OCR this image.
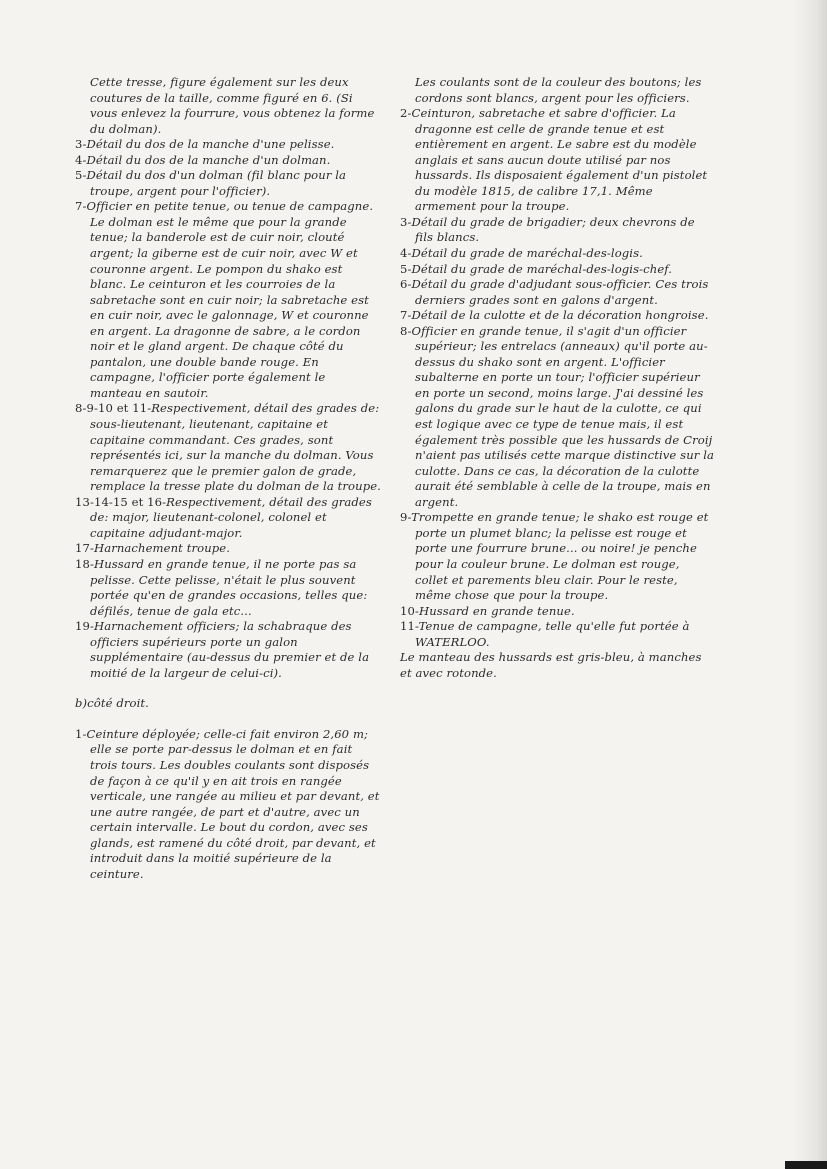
Cette tresse, figure également sur les deux coutures de la taille, comme figuré en 6. (Si vous enlevez la fourrure, vous obtenez la forme du dolman).

3-Détail du dos de la manche d'une pelisse.

4-Détail du dos de la manche d'un dolman.

5-Détail du dos d'un dolman (fil blanc pour la troupe, argent pour l'officier).

7-Officier en petite tenue, ou tenue de campagne. Le dolman est le même que pour la grande tenue; la banderole est de cuir noir, clouté argent; la giberne est de cuir noir, avec W et couronne argent. Le pompon du shako est blanc. Le ceinturon et les courroies de la sabretache sont en cuir noir; la sabretache est en cuir noir, avec le galonnage, W et couronne en argent. La dragonne de sabre, a le cordon noir et le gland argent. De chaque côté du pantalon, une double bande rouge. En campagne, l'officier porte également le manteau en sautoir.

8-9-10 et 11-Respectivement, détail des grades de: sous-lieutenant, lieutenant, capitaine et capitaine commandant. Ces grades, sont représentés ici, sur la manche du dolman. Vous remarquerez que le premier galon de grade, remplace la tresse plate du dolman de la troupe.

13-14-15 et 16-Respectivement, détail des grades de: major, lieutenant-colonel, colonel et capitaine adjudant-major.

17-Harnachement troupe.

18-Hussard en grande tenue, il ne porte pas sa pelisse. Cette pelisse, n'était le plus souvent portée qu'en de grandes occasions, telles que: défilés, tenue de gala etc...

19-Harnachement officiers; la schabraque des officiers supérieurs porte un galon supplémentaire (au-dessus du premier et de la moitié de la largeur de celui-ci).

b)côté droit.

1-Ceinture déployée; celle-ci fait environ 2,60 m; elle se porte par-dessus le dolman et en fait trois tours. Les doubles coulants sont disposés de façon à ce qu'il y en ait trois en rangée verticale, une rangée au milieu et par devant, et une autre rangée, de part et d'autre, avec un certain intervalle. Le bout du cordon, avec ses glands, est ramené du côté droit, par devant, et introduit dans la moitié supérieure de la ceinture.

Les coulants sont de la couleur des boutons; les cordons sont blancs, argent pour les officiers.

2-Ceinturon, sabretache et sabre d'officier. La dragonne est celle de grande tenue et est entièrement en argent. Le sabre est du modèle anglais et sans aucun doute utilisé par nos hussards. Ils disposaient également d'un pistolet du modèle 1815, de calibre 17,1. Même armement pour la troupe.

3-Détail du grade de brigadier; deux chevrons de fils blancs.

4-Détail du grade de maréchal-des-logis.

5-Détail du grade de maréchal-des-logis-chef.

6-Détail du grade d'adjudant sous-officier. Ces trois derniers grades sont en galons d'argent.

7-Détail de la culotte et de la décoration hongroise.

8-Officier en grande tenue, il s'agit d'un officier supérieur; les entrelacs (anneaux) qu'il porte au-dessus du shako sont en argent. L'officier subalterne en porte un tour; l'officier supérieur en porte un second, moins large. J'ai dessiné les galons du grade sur le haut de la culotte, ce qui est logique avec ce type de tenue mais, il est également très possible que les hussards de Croij n'aient pas utilisés cette marque distinctive sur la culotte. Dans ce cas, la décoration de la culotte aurait été semblable à celle de la troupe, mais en argent.

9-Trompette en grande tenue; le shako est rouge et porte un plumet blanc; la pelisse est rouge et porte une fourrure brune... ou noire! je penche pour la couleur brune. Le dolman est rouge, collet et parements bleu clair. Pour le reste, même chose que pour la troupe.

10-Hussard en grande tenue.

11-Tenue de campagne, telle qu'elle fut portée à WATERLOO.

Le manteau des hussards est gris-bleu, à manches et avec rotonde.
